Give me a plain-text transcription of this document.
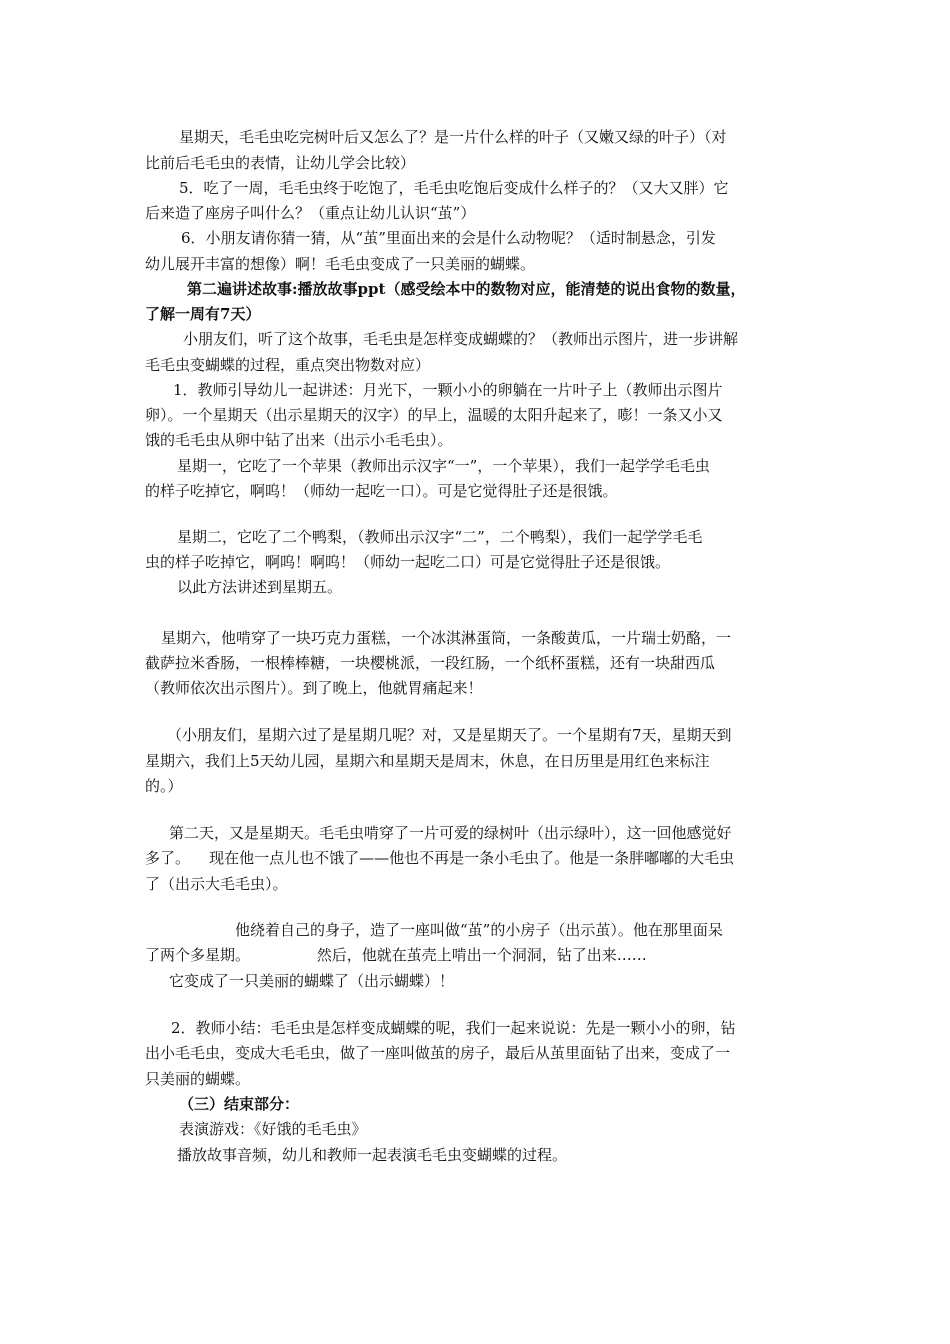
星期天，毛毛虫吃完树叶后又怎么了？是一片什么样的叶子（又嫩又绿的叶子）（对
比前后毛毛虫的表情，让幼儿学会比较）
5．吃了一周，毛毛虫终于吃饱了，毛毛虫吃饱后变成什么样子的？（又大又胖）它
后来造了座房子叫什么？（重点让幼儿认识“茧”）
6．小朋友请你猜一猜，从“茧”里面出来的会是什么动物呢？（适时制悬念，引发
幼儿展开丰富的想像）啊！毛毛虫变成了一只美丽的蝴蝶。
第二遍讲述故事:播放故事ppt（感受绘本中的数物对应，能清楚的说出食物的数量，
了解一周有7天）
小朋友们，听了这个故事，毛毛虫是怎样变成蝴蝶的？（教师出示图片，进一步讲解
毛毛虫变蝴蝶的过程，重点突出物数对应）
1．教师引导幼儿一起讲述：月光下，一颗小小的卵躺在一片叶子上（教师出示图片
卵）。一个星期天（出示星期天的汉字）的早上，温暖的太阳升起来了，嘭！一条又小又
饿的毛毛虫从卵中钻了出来（出示小毛毛虫）。
星期一，它吃了一个苹果（教师出示汉字“一”，一个苹果），我们一起学学毛毛虫
的样子吃掉它，啊呜！（师幼一起吃一口）。可是它觉得肚子还是很饿。
星期二，它吃了二个鸭梨，（教师出示汉字“二”，二个鸭梨），我们一起学学毛毛
虫的样子吃掉它，啊呜！啊呜！（师幼一起吃二口）可是它觉得肚子还是很饿。
以此方法讲述到星期五。
星期六，他啃穿了一块巧克力蛋糕，一个冰淇淋蛋筒，一条酸黄瓜，一片瑞士奶酪，一
截萨拉米香肠，一根棒棒糖，一块樱桃派，一段红肠，一个纸杯蛋糕，还有一块甜西瓜
（教师依次出示图片）。到了晚上，他就胃痛起来！
（小朋友们，星期六过了是星期几呢？对，又是星期天了。一个星期有7天，星期天到
星期六，我们上5天幼儿园，星期六和星期天是周末，休息，在日历里是用红色来标注
的。）
第二天，又是星期天。毛毛虫啃穿了一片可爱的绿树叶（出示绿叶），这一回他感觉好
多了。    现在他一点儿也不饿了——他也不再是一条小毛虫了。他是一条胖嘟嘟的大毛虫
了（出示大毛毛虫）。
他绕着自己的身子，造了一座叫做“茧”的小房子（出示茧）。他在那里面呆
了两个多星期。              然后，他就在茧壳上啃出一个洞洞，钻了出来……
它变成了一只美丽的蝴蝶了（出示蝴蝶）！
2．教师小结：毛毛虫是怎样变成蝴蝶的呢，我们一起来说说：先是一颗小小的卵，钻
出小毛毛虫，变成大毛毛虫，做了一座叫做茧的房子，最后从茧里面钻了出来，变成了一
只美丽的蝴蝶。
（三）结束部分：
表演游戏：《好饿的毛毛虫》
播放故事音频，幼儿和教师一起表演毛毛虫变蝴蝶的过程。
